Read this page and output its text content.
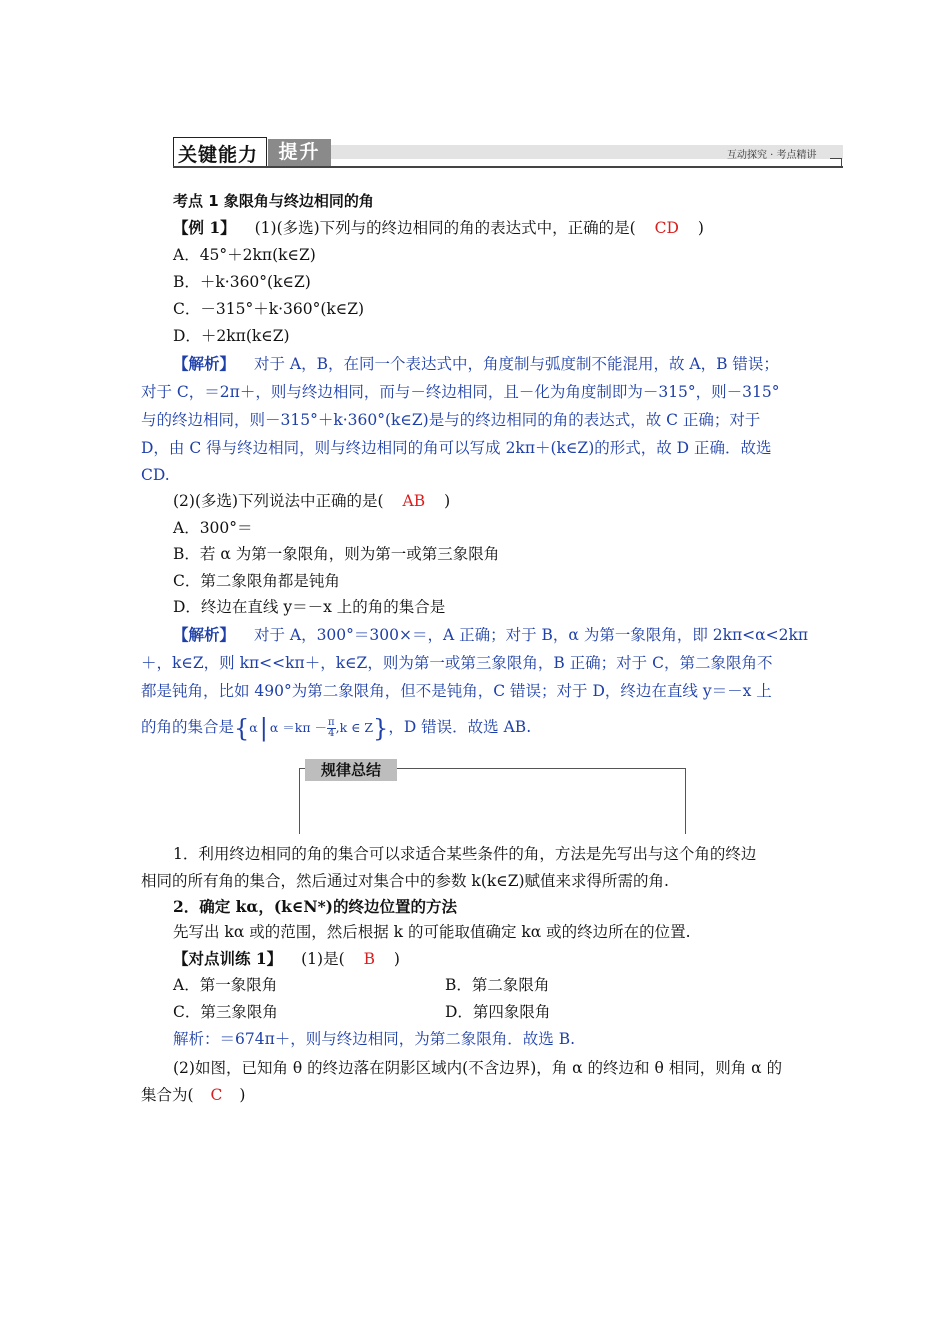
关键能力	提升	互动探究 · 考点精讲
考点 1 象限角与终边相同的角
【例 1】 (1)(多选)下列与的终边相同的角的表达式中，正确的是( CD )
A．45°＋2kπ(k∈Z)
B．＋k·360°(k∈Z)
C．－315°＋k·360°(k∈Z)
D．＋2kπ(k∈Z)
【解析】 对于 A，B，在同一个表达式中，角度制与弧度制不能混用，故 A，B 错误；
对于 C，＝2π＋，则与终边相同，而与－终边相同，且－化为角度制即为－315°，则－315°
与的终边相同，则－315°＋k·360°(k∈Z)是与的终边相同的角的表达式，故 C 正确；对于
D，由 C 得与终边相同，则与终边相同的角可以写成 2kπ＋(k∈Z)的形式，故 D 正确．故选
CD.
(2)(多选)下列说法中正确的是( AB )
A．300°＝
B．若 α 为第一象限角，则为第一或第三象限角
C．第二象限角都是钝角
D．终边在直线 y＝－x 上的角的集合是
【解析】 对于 A，300°＝300×＝，A 正确；对于 B，α 为第一象限角，即 2kπ<α<2kπ
＋，k∈Z，则 kπ<<kπ＋，k∈Z，则为第一或第三象限角，B 正确；对于 C，第二象限角不
都是钝角，比如 490°为第二象限角，但不是钝角，C 错误；对于 D，终边在直线 y＝－x 上
的角的集合是{α| $\alpha =k\pi - \frac{\pi}{4} ,k$ ∈ Z}，D 错误．故选 AB.
规律总结
1．利用终边相同的角的集合可以求适合某些条件的角，方法是先写出与这个角的终边
相同的所有角的集合，然后通过对集合中的参数 k(k∈Z)赋值来求得所需的角.
2．确定 kα，(k∈N*)的终边位置的方法
先写出 kα 或的范围，然后根据 k 的可能取值确定 kα 或的终边所在的位置.
【对点训练 1】 (1)是( B )
A．第一象限角	B．第二象限角
C．第三象限角	D．第四象限角
解析：＝674π＋，则与终边相同，为第二象限角．故选 B.
(2)如图，已知角 θ 的终边落在阴影区域内(不含边界)，角 α 的终边和 θ 相同，则角 α 的
集合为( C )
